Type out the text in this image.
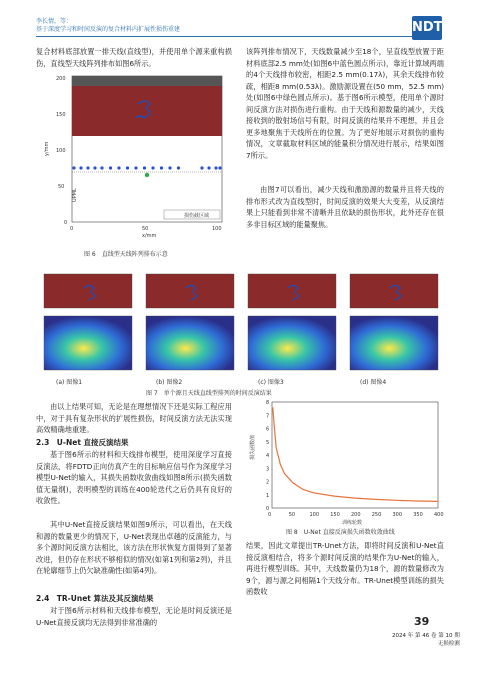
李长情，等：
基于深度学习和时间反演的复合材料内扩展性损伤重建	NDT
复合材料底部放置一排天线(直线型)，并使用单个源来重构损伤，直线型天线阵列排布如图6所示。
损伤截区域
UPML
200
150
100
50
0
y/mm
0	50	100
x/mm
图 6　直线型天线阵列排布示意
该阵列排布情况下，天线数量减少至18个，呈直线型放置于距材料底部2.5 mm处(如图6中蓝色圆点所示)，靠近计算域两端的4个天线排布较密，相距2.5 mm(0.17λ)，其余天线排布较疏，相距8 mm(0.53λ)。激励源设置在(50 mm，52.5 mm)处(如图6中绿色圆点所示)。基于图6所示模型，使用单个源时间反演方法对损伤进行重构。由于天线和源数量的减少，天线接收到的散射场信号有限，时间反演的结果并不理想，并且会更多地聚焦于天线所在的位置。为了更好地展示对损伤的重构情况，文章截取材料区域的能量积分情况进行展示，结果如图7所示。
由图7可以看出，减少天线和激励源的数量并且将天线的排布形式改为直线型时，时间反演的效果大大变差，从反演结果上只能看到非常不清晰并且依缺的损伤形状，此外还存在很多非目标区域的能量聚焦。
(a) 图像1	(b) 图像2	(c) 图像3	(d) 图像4
图 7　单个源且天线直线型排列的时间反演结果
由以上结果可知，无论是在理想情况下还是实际工程应用中，对于具有复杂形状的扩展性损伤，时间反演方法无法实现高效精确地重建。
2.3　U-Net 直接反演结果
基于图6所示的材料和天线排布模型，使用深度学习直接反演法，将FDTD正向仿真产生的目标响应信号作为深度学习模型U-Net的输入，其损失函数收敛曲线如图8所示(损失函数值无量纲)，表明模型的训练在400轮迭代之后仍具有良好的收敛性。
其中U-Net直接反演结果如图9所示，可以看出，在天线和源的数量更少的情况下，U-Net表现出卓越的反演能力，与多个源时间反演方法相比，该方法在形状恢复方面得到了显著改进，但仍存在形状不够相似的情况(如第1列和第2列)，并且在轮廓细节上仍欠缺准确性(如第4列)。
2.4　TR-Unet 算法及其反演结果
对于图6所示材料和天线排布模型，无论是时间反演还是U-Net直接反演均无法得到非常准确的
0
1
2
3
4
5
6
7
8
0	50	100 150 200 250 300 350 400
损失函数值
训练轮数
图 8　U-Net 直接反演损失函数收敛曲线
结果，因此文章提出TR-Unet方法，即将时间反演和U-Net直接反演相结合，将多个源时间反演的结果作为U-Net的输入，再进行模型训练。其中，天线数量仍为18个，源的数量修改为9个，源与源之间相隔1个天线分布。TR-Unet模型训练的损失函数收
39
2024 年 第 46 卷 第 10 期
无损检测
